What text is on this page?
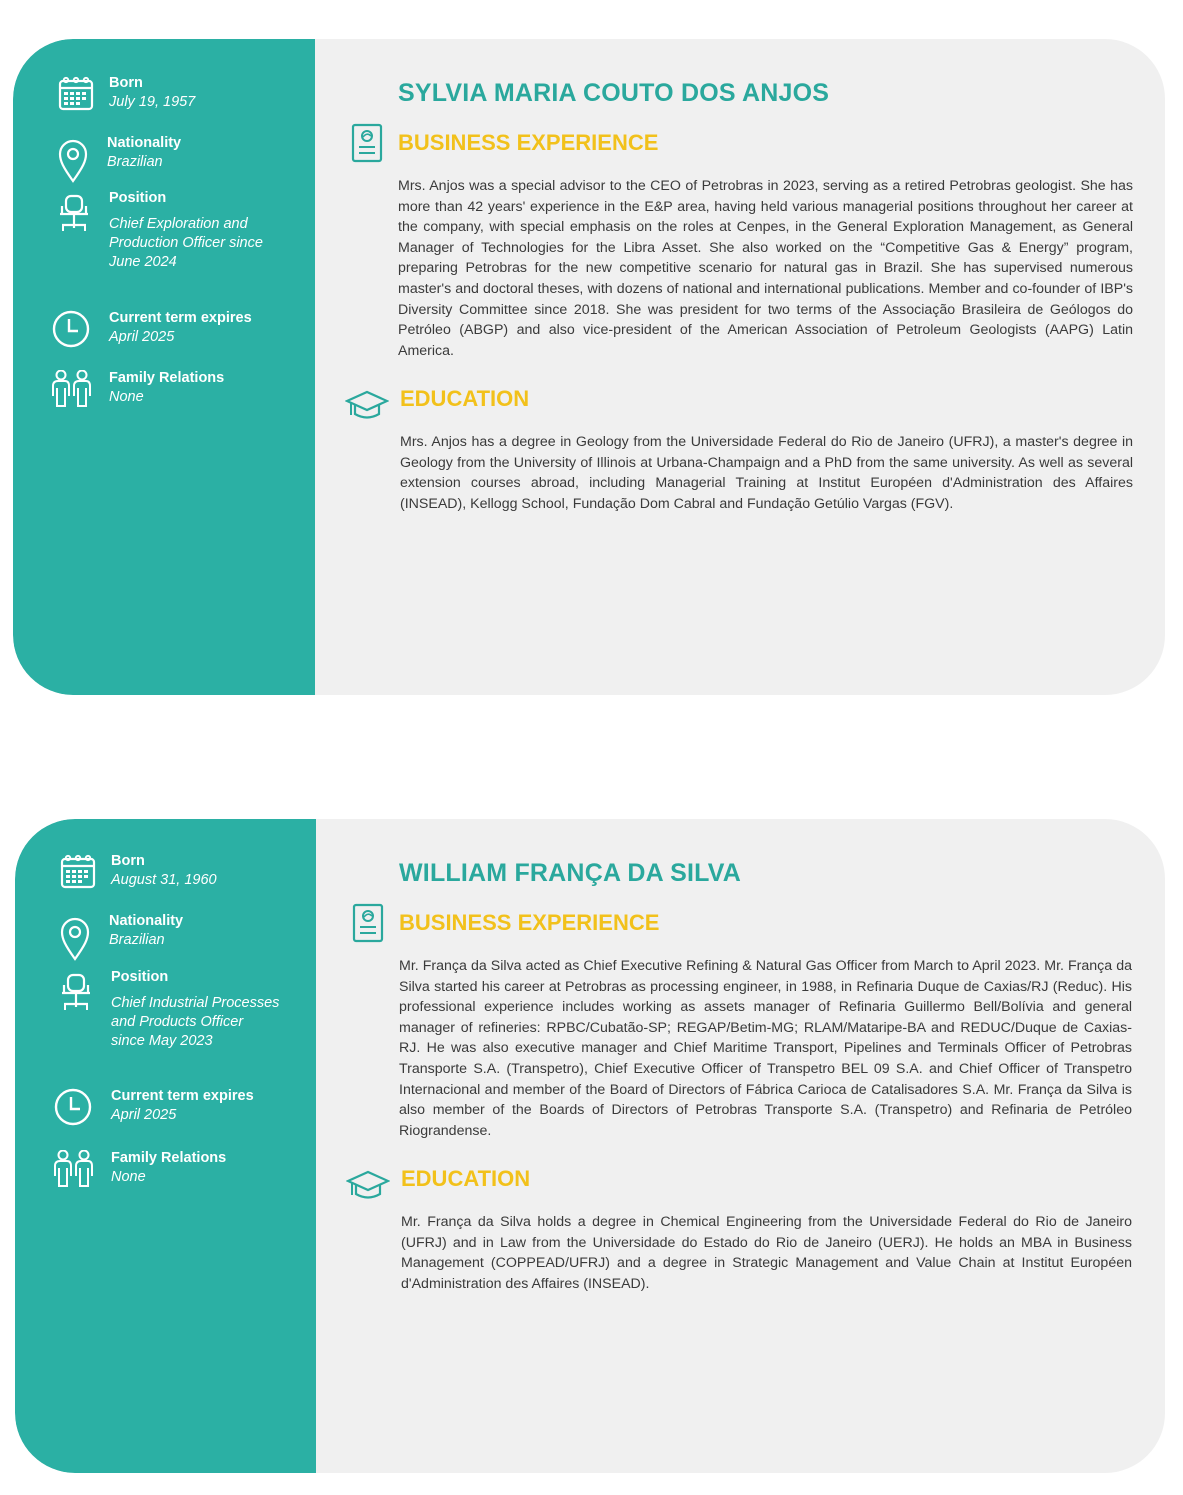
Born
July 19, 1957
Nationality
Brazilian
Position
Chief Exploration and Production Officer since June 2024
Current term expires
April 2025
Family Relations
None
SYLVIA MARIA COUTO DOS ANJOS
BUSINESS EXPERIENCE
Mrs. Anjos was a special advisor to the CEO of Petrobras in 2023, serving as a retired Petrobras geologist. She has more than 42 years' experience in the E&P area, having held various managerial positions throughout her career at the company, with special emphasis on the roles at Cenpes, in the General Exploration Management, as General Manager of Technologies for the Libra Asset. She also worked on the “Competitive Gas & Energy” program, preparing Petrobras for the new competitive scenario for natural gas in Brazil. She has supervised numerous master's and doctoral theses, with dozens of national and international publications. Member and co-founder of IBP's Diversity Committee since 2018. She was president for two terms of the Associação Brasileira de Geólogos do Petróleo (ABGP) and also vice-president of the American Association of Petroleum Geologists (AAPG) Latin America.
EDUCATION
Mrs. Anjos has a degree in Geology from the Universidade Federal do Rio de Janeiro (UFRJ), a master's degree in Geology from the University of Illinois at Urbana-Champaign and a PhD from the same university. As well as several extension courses abroad, including Managerial Training at Institut Européen d'Administration des Affaires (INSEAD), Kellogg School, Fundação Dom Cabral and Fundação Getúlio Vargas (FGV).
Born
August 31, 1960
Nationality
Brazilian
Position
Chief Industrial Processes and Products Officer since May 2023
Current term expires
April 2025
Family Relations
None
WILLIAM FRANÇA DA SILVA
BUSINESS EXPERIENCE
Mr. França da Silva acted as Chief Executive Refining & Natural Gas Officer from March to April 2023. Mr. França da Silva started his career at Petrobras as processing engineer, in 1988, in Refinaria Duque de Caxias/RJ (Reduc). His professional experience includes working as assets manager of Refinaria Guillermo Bell/Bolívia and general manager of refineries: RPBC/Cubatão-SP; REGAP/Betim-MG; RLAM/Mataripe-BA and REDUC/Duque de Caxias-RJ. He was also executive manager and Chief Maritime Transport, Pipelines and Terminals Officer of Petrobras Transporte S.A. (Transpetro), Chief Executive Officer of Transpetro BEL 09 S.A. and Chief Officer of Transpetro Internacional and member of the Board of Directors of Fábrica Carioca de Catalisadores S.A. Mr. França da Silva is also member of the Boards of Directors of Petrobras Transporte S.A. (Transpetro) and Refinaria de Petróleo Riograndense.
EDUCATION
Mr. França da Silva holds a degree in Chemical Engineering from the Universidade Federal do Rio de Janeiro (UFRJ) and in Law from the Universidade do Estado do Rio de Janeiro (UERJ). He holds an MBA in Business Management (COPPEAD/UFRJ) and a degree in Strategic Management and Value Chain at Institut Européen d'Administration des Affaires (INSEAD).
